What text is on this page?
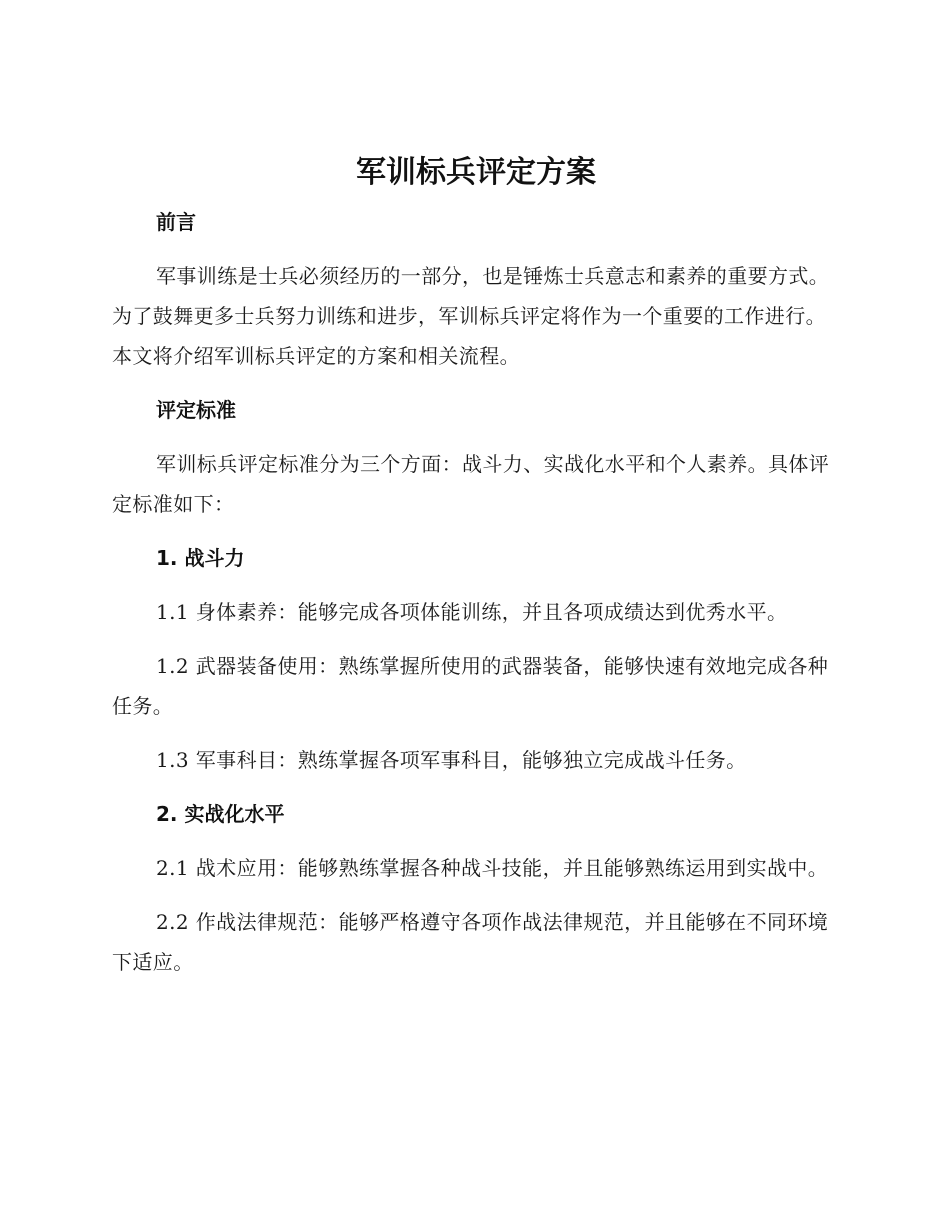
军训标兵评定方案

前言

军事训练是士兵必须经历的一部分，也是锤炼士兵意志和素养的重要方式。为了鼓舞更多士兵努力训练和进步，军训标兵评定将作为一个重要的工作进行。本文将介绍军训标兵评定的方案和相关流程。

评定标准

军训标兵评定标准分为三个方面：战斗力、实战化水平和个人素养。具体评定标准如下：

1. 战斗力

1.1 身体素养：能够完成各项体能训练，并且各项成绩达到优秀水平。

1.2 武器装备使用：熟练掌握所使用的武器装备，能够快速有效地完成各种任务。

1.3 军事科目：熟练掌握各项军事科目，能够独立完成战斗任务。

2. 实战化水平

2.1 战术应用：能够熟练掌握各种战斗技能，并且能够熟练运用到实战中。

2.2 作战法律规范：能够严格遵守各项作战法律规范，并且能够在不同环境下适应。
